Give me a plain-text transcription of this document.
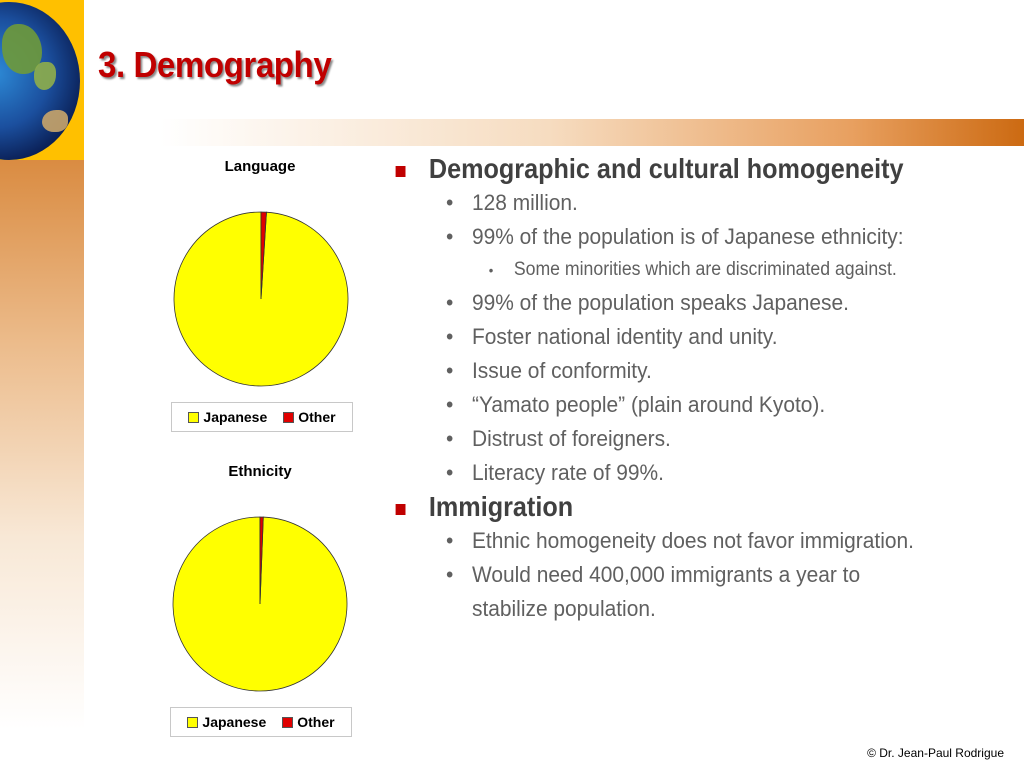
3. Demography
Language
Japanese Other
Ethnicity
Japanese Other
Demographic and cultural homogeneity
• 128 million.
• 99% of the population is of Japanese ethnicity:
• Some minorities which are discriminated against.
• 99% of the population speaks Japanese.
• Foster national identity and unity.
• Issue of conformity.
• “Yamato people” (plain around Kyoto).
• Distrust of foreigners.
• Literacy rate of 99%.
Immigration
• Ethnic homogeneity does not favor immigration.
• Would need 400,000 immigrants a year to
stabilize population.
© Dr. Jean-Paul Rodrigue
